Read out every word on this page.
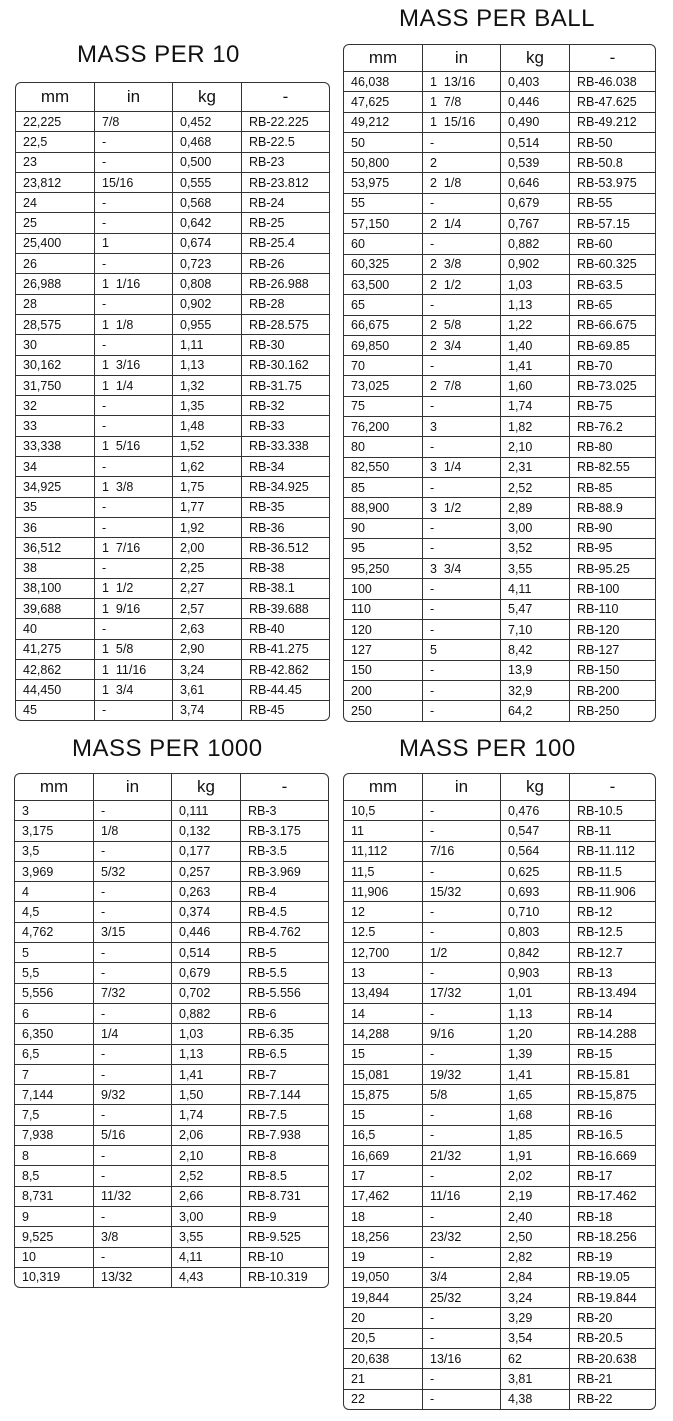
MASS PER 10
mm	in	kg	-
22,225	7/8	0,452	RB-22.225
22,5	-	0,468	RB-22.5
23	-	0,500	RB-23
23,812	15/16	0,555	RB-23.812
24	-	0,568	RB-24
25	-	0,642	RB-25
25,400	1	0,674	RB-25.4
26	-	0,723	RB-26
26,988	1  1/16	0,808	RB-26.988
28	-	0,902	RB-28
28,575	1  1/8	0,955	RB-28.575
30	-	1,11	RB-30
30,162	1  3/16	1,13	RB-30.162
31,750	1  1/4	1,32	RB-31.75
32	-	1,35	RB-32
33	-	1,48	RB-33
33,338	1  5/16	1,52	RB-33.338
34	-	1,62	RB-34
34,925	1  3/8	1,75	RB-34.925
35	-	1,77	RB-35
36	-	1,92	RB-36
36,512	1  7/16	2,00	RB-36.512
38	-	2,25	RB-38
38,100	1  1/2	2,27	RB-38.1
39,688	1  9/16	2,57	RB-39.688
40	-	2,63	RB-40
41,275	1  5/8	2,90	RB-41.275
42,862	1  11/16	3,24	RB-42.862
44,450	1  3/4	3,61	RB-44.45
45	-	3,74	RB-45
MASS PER BALL
mm	in	kg	-
46,038	1  13/16	0,403	RB-46.038
47,625	1  7/8	0,446	RB-47.625
49,212	1  15/16	0,490	RB-49.212
50	-	0,514	RB-50
50,800	2	0,539	RB-50.8
53,975	2  1/8	0,646	RB-53.975
55	-	0,679	RB-55
57,150	2  1/4	0,767	RB-57.15
60	-	0,882	RB-60
60,325	2  3/8	0,902	RB-60.325
63,500	2  1/2	1,03	RB-63.5
65	-	1,13	RB-65
66,675	2  5/8	1,22	RB-66.675
69,850	2  3/4	1,40	RB-69.85
70	-	1,41	RB-70
73,025	2  7/8	1,60	RB-73.025
75	-	1,74	RB-75
76,200	3	1,82	RB-76.2
80	-	2,10	RB-80
82,550	3  1/4	2,31	RB-82.55
85	-	2,52	RB-85
88,900	3  1/2	2,89	RB-88.9
90	-	3,00	RB-90
95	-	3,52	RB-95
95,250	3  3/4	3,55	RB-95.25
100	-	4,11	RB-100
110	-	5,47	RB-110
120	-	7,10	RB-120
127	5	8,42	RB-127
150	-	13,9	RB-150
200	-	32,9	RB-200
250	-	64,2	RB-250
MASS PER 1000
mm	in	kg	-
3	-	0,111	RB-3
3,175	1/8	0,132	RB-3.175
3,5	-	0,177	RB-3.5
3,969	5/32	0,257	RB-3.969
4	-	0,263	RB-4
4,5	-	0,374	RB-4.5
4,762	3/15	0,446	RB-4.762
5	-	0,514	RB-5
5,5	-	0,679	RB-5.5
5,556	7/32	0,702	RB-5.556
6	-	0,882	RB-6
6,350	1/4	1,03	RB-6.35
6,5	-	1,13	RB-6.5
7	-	1,41	RB-7
7,144	9/32	1,50	RB-7.144
7,5	-	1,74	RB-7.5
7,938	5/16	2,06	RB-7.938
8	-	2,10	RB-8
8,5	-	2,52	RB-8.5
8,731	11/32	2,66	RB-8.731
9	-	3,00	RB-9
9,525	3/8	3,55	RB-9.525
10	-	4,11	RB-10
10,319	13/32	4,43	RB-10.319
MASS PER 100
mm	in	kg	-
10,5	-	0,476	RB-10.5
11	-	0,547	RB-11
11,112	7/16	0,564	RB-11.112
11,5	-	0,625	RB-11.5
11,906	15/32	0,693	RB-11.906
12	-	0,710	RB-12
12.5	-	0,803	RB-12.5
12,700	1/2	0,842	RB-12.7
13	-	0,903	RB-13
13,494	17/32	1,01	RB-13.494
14	-	1,13	RB-14
14,288	9/16	1,20	RB-14.288
15	-	1,39	RB-15
15,081	19/32	1,41	RB-15.81
15,875	5/8	1,65	RB-15,875
15	-	1,68	RB-16
16,5	-	1,85	RB-16.5
16,669	21/32	1,91	RB-16.669
17	-	2,02	RB-17
17,462	11/16	2,19	RB-17.462
18	-	2,40	RB-18
18,256	23/32	2,50	RB-18.256
19	-	2,82	RB-19
19,050	3/4	2,84	RB-19.05
19,844	25/32	3,24	RB-19.844
20	-	3,29	RB-20
20,5	-	3,54	RB-20.5
20,638	13/16	62	RB-20.638
21	-	3,81	RB-21
22	-	4,38	RB-22
